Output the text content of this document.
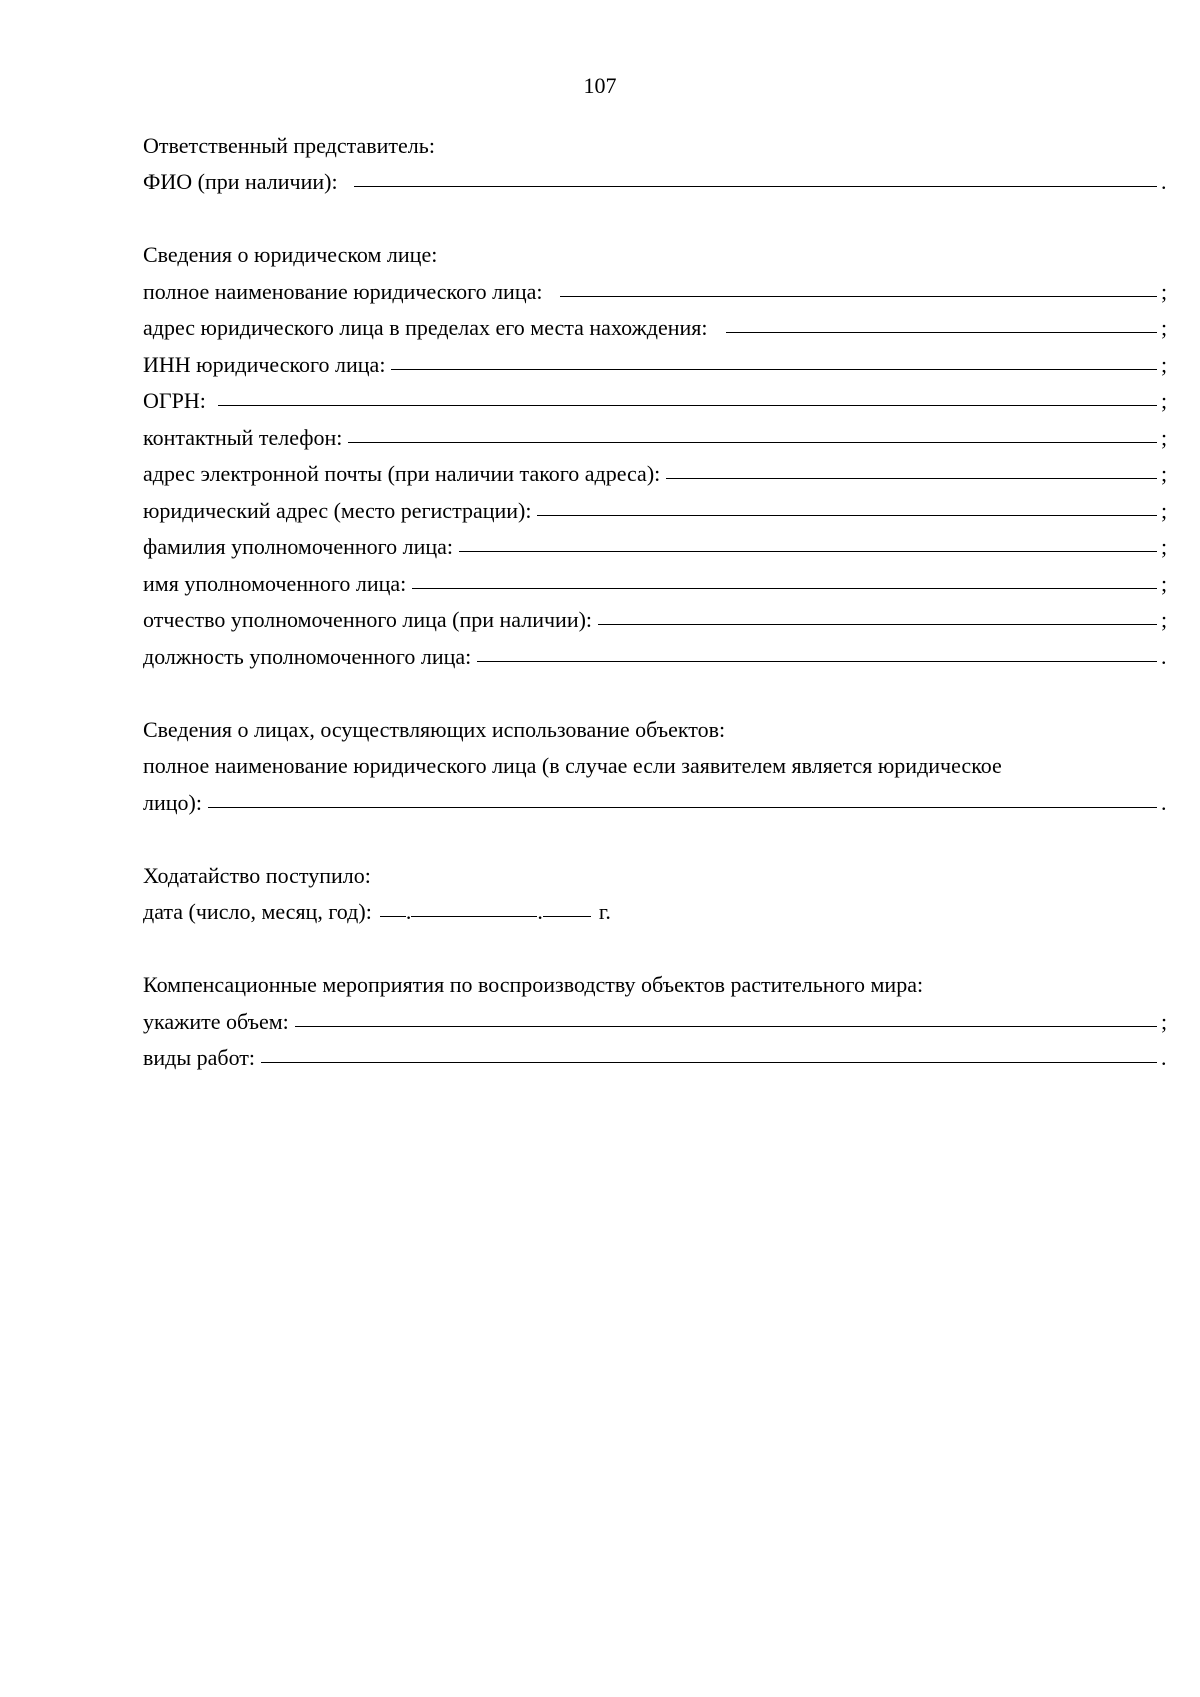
107
Ответственный представитель:
ФИО (при наличии):	.
Сведения о юридическом лице:
полное наименование юридического лица:	;
адрес юридического лица в пределах его места нахождения:	;
ИНН юридического лица:	;
ОГРН:	;
контактный телефон:	;
адрес электронной почты (при наличии такого адреса):	;
юридический адрес (место регистрации):	;
фамилия уполномоченного лица:	;
имя уполномоченного лица:	;
отчество уполномоченного лица (при наличии):	;
должность уполномоченного лица:	.
Сведения о лицах, осуществляющих использование объектов:
полное наименование юридического лица (в случае если заявителем является юридическое
лицо):	.
Ходатайство поступило:
дата (число, месяц, год): .	.	г.
Компенсационные мероприятия по воспроизводству объектов растительного мира:
укажите объем:	;
виды работ:	.
